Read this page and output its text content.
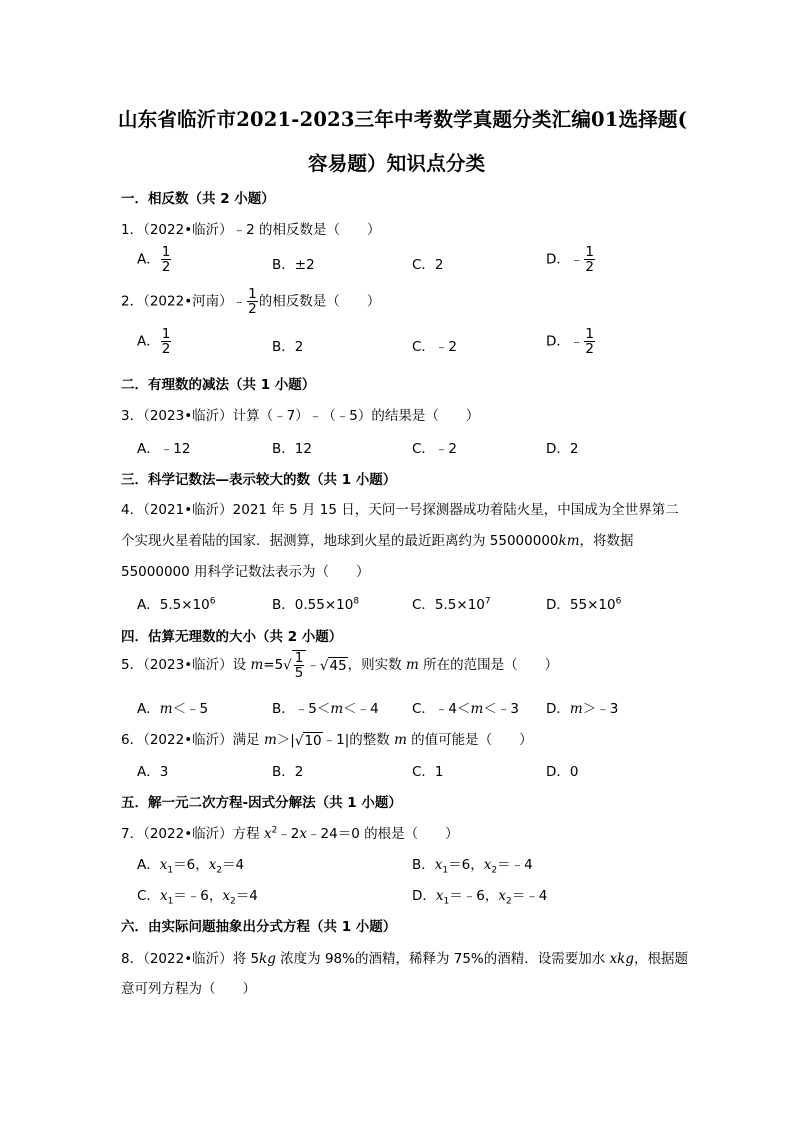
山东省临沂市2021-2023三年中考数学真题分类汇编01选择题(
容易题）知识点分类
一．相反数（共 2 小题）
1．（2022•临沂）﹣2 的相反数是（　　）
A． $\frac{1}{2}$	B．±2	C．2	D．﹣ $\frac{1}{2}$
2．（2022•河南）﹣ $\frac{1}{2}$ 的相反数是（　　）
A． $\frac{1}{2}$	B．2	C．﹣2	D．﹣ $\frac{1}{2}$
二．有理数的减法（共 1 小题）
3．（2023•临沂）计算（﹣7）﹣（﹣5）的结果是（　　）
A．﹣12	B．12	C．﹣2	D．2
三．科学记数法—表示较大的数（共 1 小题）
4．（2021•临沂）2021 年 5 月 15 日，天问一号探测器成功着陆火星，中国成为全世界第二
个实现火星着陆的国家．据测算，地球到火星的最近距离约为 55000000km，将数据
55000000 用科学记数法表示为（　　）
A．$5.5\times 10^6$	B．$0.55\times 10^8$	C．$5.5\times 10^7$	D．$55\times 10^6$
四．估算无理数的大小（共 2 小题）
5．（2023•临沂）设 $m=5√ \frac{1}{5}$ ﹣√45，则实数 m 所在的范围是（　　）
A．m＜﹣5	B．﹣5＜m＜﹣4 C．﹣4＜m＜﹣3 D．m＞﹣3
6．（2022•临沂）满足 m＞|√10﹣1|的整数 m 的值可能是（　　）
A．3	B．2	C．1	D．0
五．解一元二次方程-因式分解法（共 1 小题）
7．（2022•临沂）方程 $x^2﹣2x﹣24=0$ 的根是（　　）
A．$x_1=6$，$x_2=4$	B．$x_1=6$，$x_2=﹣4$
C．$x_1=﹣6$，$x_2=4$	D．$x_1=﹣6$，$x_2=﹣4$
六．由实际问题抽象出分式方程（共 1 小题）
8．（2022•临沂）将 5kg 浓度为 98%的酒精，稀释为 75%的酒精．设需要加水 xkg，根据题
意可列方程为（　　）
